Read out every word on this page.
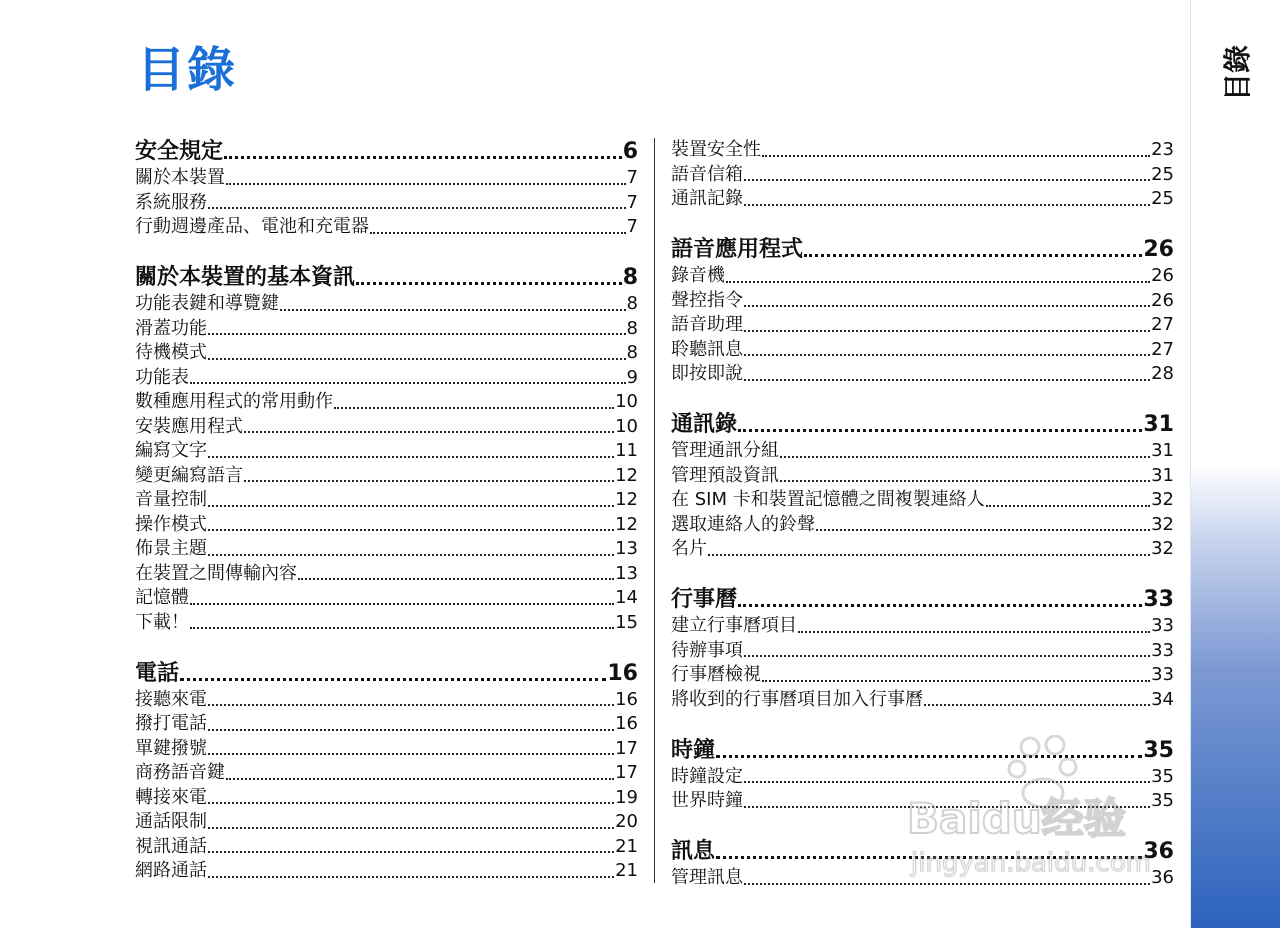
目錄	目錄
安全規定	6
關於本裝置	7
系統服務	7
行動週邊產品、電池和充電器	7
關於本裝置的基本資訊	8
功能表鍵和導覽鍵	8
滑蓋功能	8
待機模式	8
功能表	9
數種應用程式的常用動作	10
安裝應用程式	10
編寫文字	11
變更編寫語言	12
音量控制	12
操作模式	12
佈景主題	13
在裝置之間傳輸內容	13
記憶體	14
下載！	15
電話	16
接聽來電	16
撥打電話	16
單鍵撥號	17
商務語音鍵	17
轉接來電	19
通話限制	20
視訊通話	21
網路通話	21
裝置安全性	23
語音信箱	25
通訊記錄	25
語音應用程式	26
錄音機	26
聲控指令	26
語音助理	27
聆聽訊息	27
即按即說	28
通訊錄	31
管理通訊分組	31
管理預設資訊	31
在 SIM 卡和裝置記憶體之間複製連絡人	32
選取連絡人的鈴聲	32
名片	32
行事曆	33
建立行事曆項目	33
待辦事項	33
行事曆檢視	33
將收到的行事曆項目加入行事曆	34
時鐘	35
時鐘設定	35
世界時鐘	35
訊息	36
管理訊息	36
Baidu经验
jingyan.baidu.com
